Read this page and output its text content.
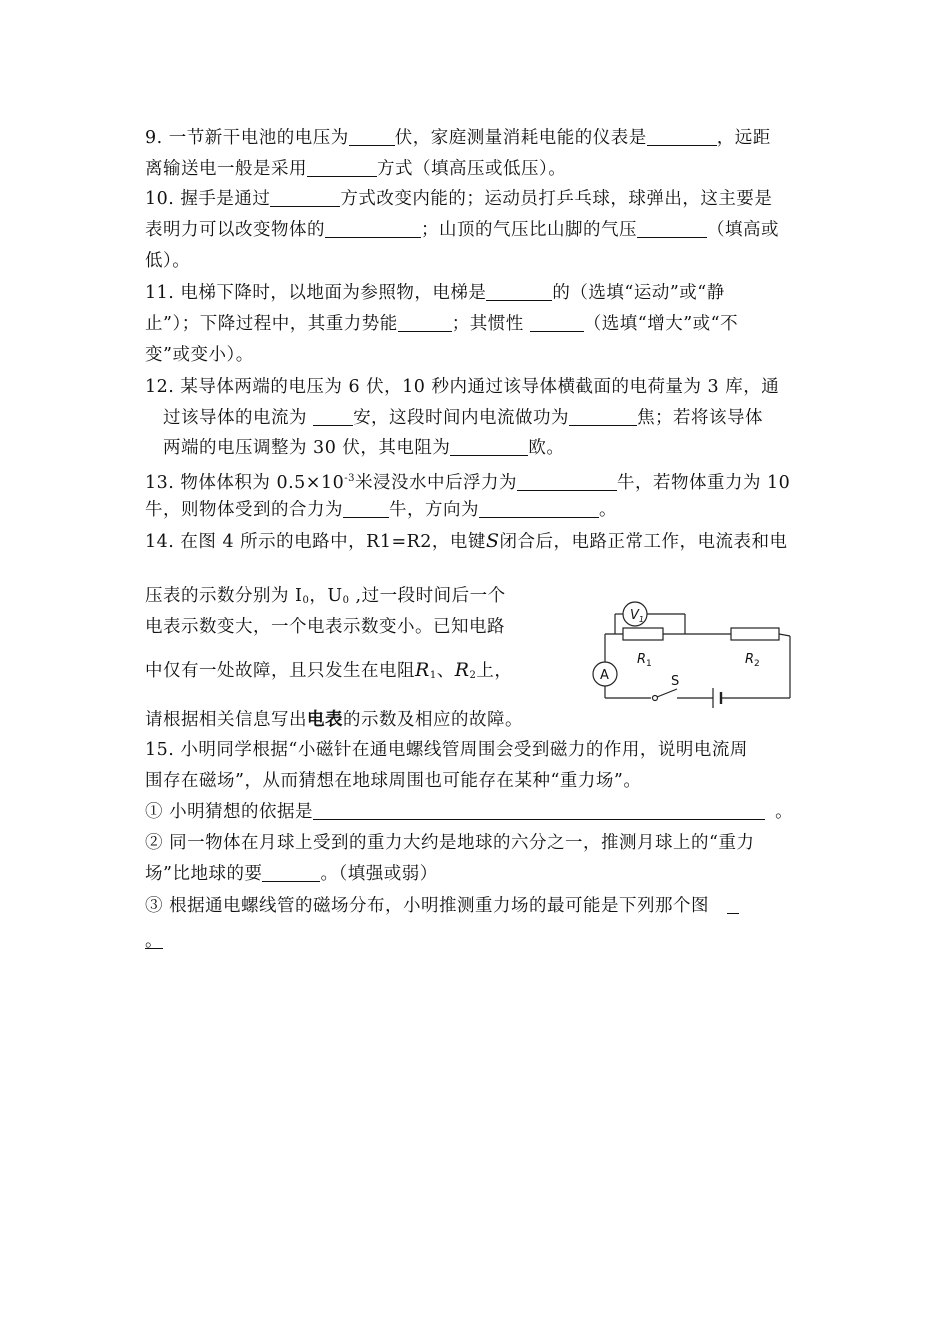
9. 一节新干电池的电压为	伏，家庭测量消耗电能的仪表是	，远距
离输送电一般是采用	方式（填高压或低压）。
10. 握手是通过	方式改变内能的；运动员打乒乓球，球弹出，这主要是
表明力可以改变物体的	；山顶的气压比山脚的气压	（填高或
低）。
11. 电梯下降时，以地面为参照物，电梯是	的（选填“运动”或“静
止”）；下降过程中，其重力势能	；其惯性	（选填“增大”或“不
变”或变小）。
12. 某导体两端的电压为 6 伏，10 秒内通过该导体横截面的电荷量为 3 库，通
过该导体的电流为 安，这段时间内电流做功为	焦；若将该导体
两端的电压调整为 30 伏，其电阻为	欧。
13. 物体体积为 $0.5\times 10^{-3}$米浸没水中后浮力为	牛，若物体重力为 10
牛，则物体受到的合力为	牛，方向为	。
14. 在图 4 所示的电路中，R1=R2，电键S闭合后，电路正常工作，电流表和电
压表的示数分别为 $I_0$，$U_0$ ,过一段时间后一个
电表示数变大，一个电表示数变小。已知电路
中仅有一处故障，且只发生在电阻$R_1$、$R_2$上，
请根据相关信息写出电表的示数及相应的故障。
$V_1$
A
$R_1$	$R_2$
S
15. 小明同学根据“小磁针在通电螺线管周围会受到磁力的作用，说明电流周
围存在磁场”，从而猜想在地球周围也可能存在某种“重力场”。
① 小明猜想的依据是	。
② 同一物体在月球上受到的重力大约是地球的六分之一，推测月球上的“重力
场”比地球的要	。（填强或弱）
③ 根据通电螺线管的磁场分布，小明推测重力场的最可能是下列那个图
。
